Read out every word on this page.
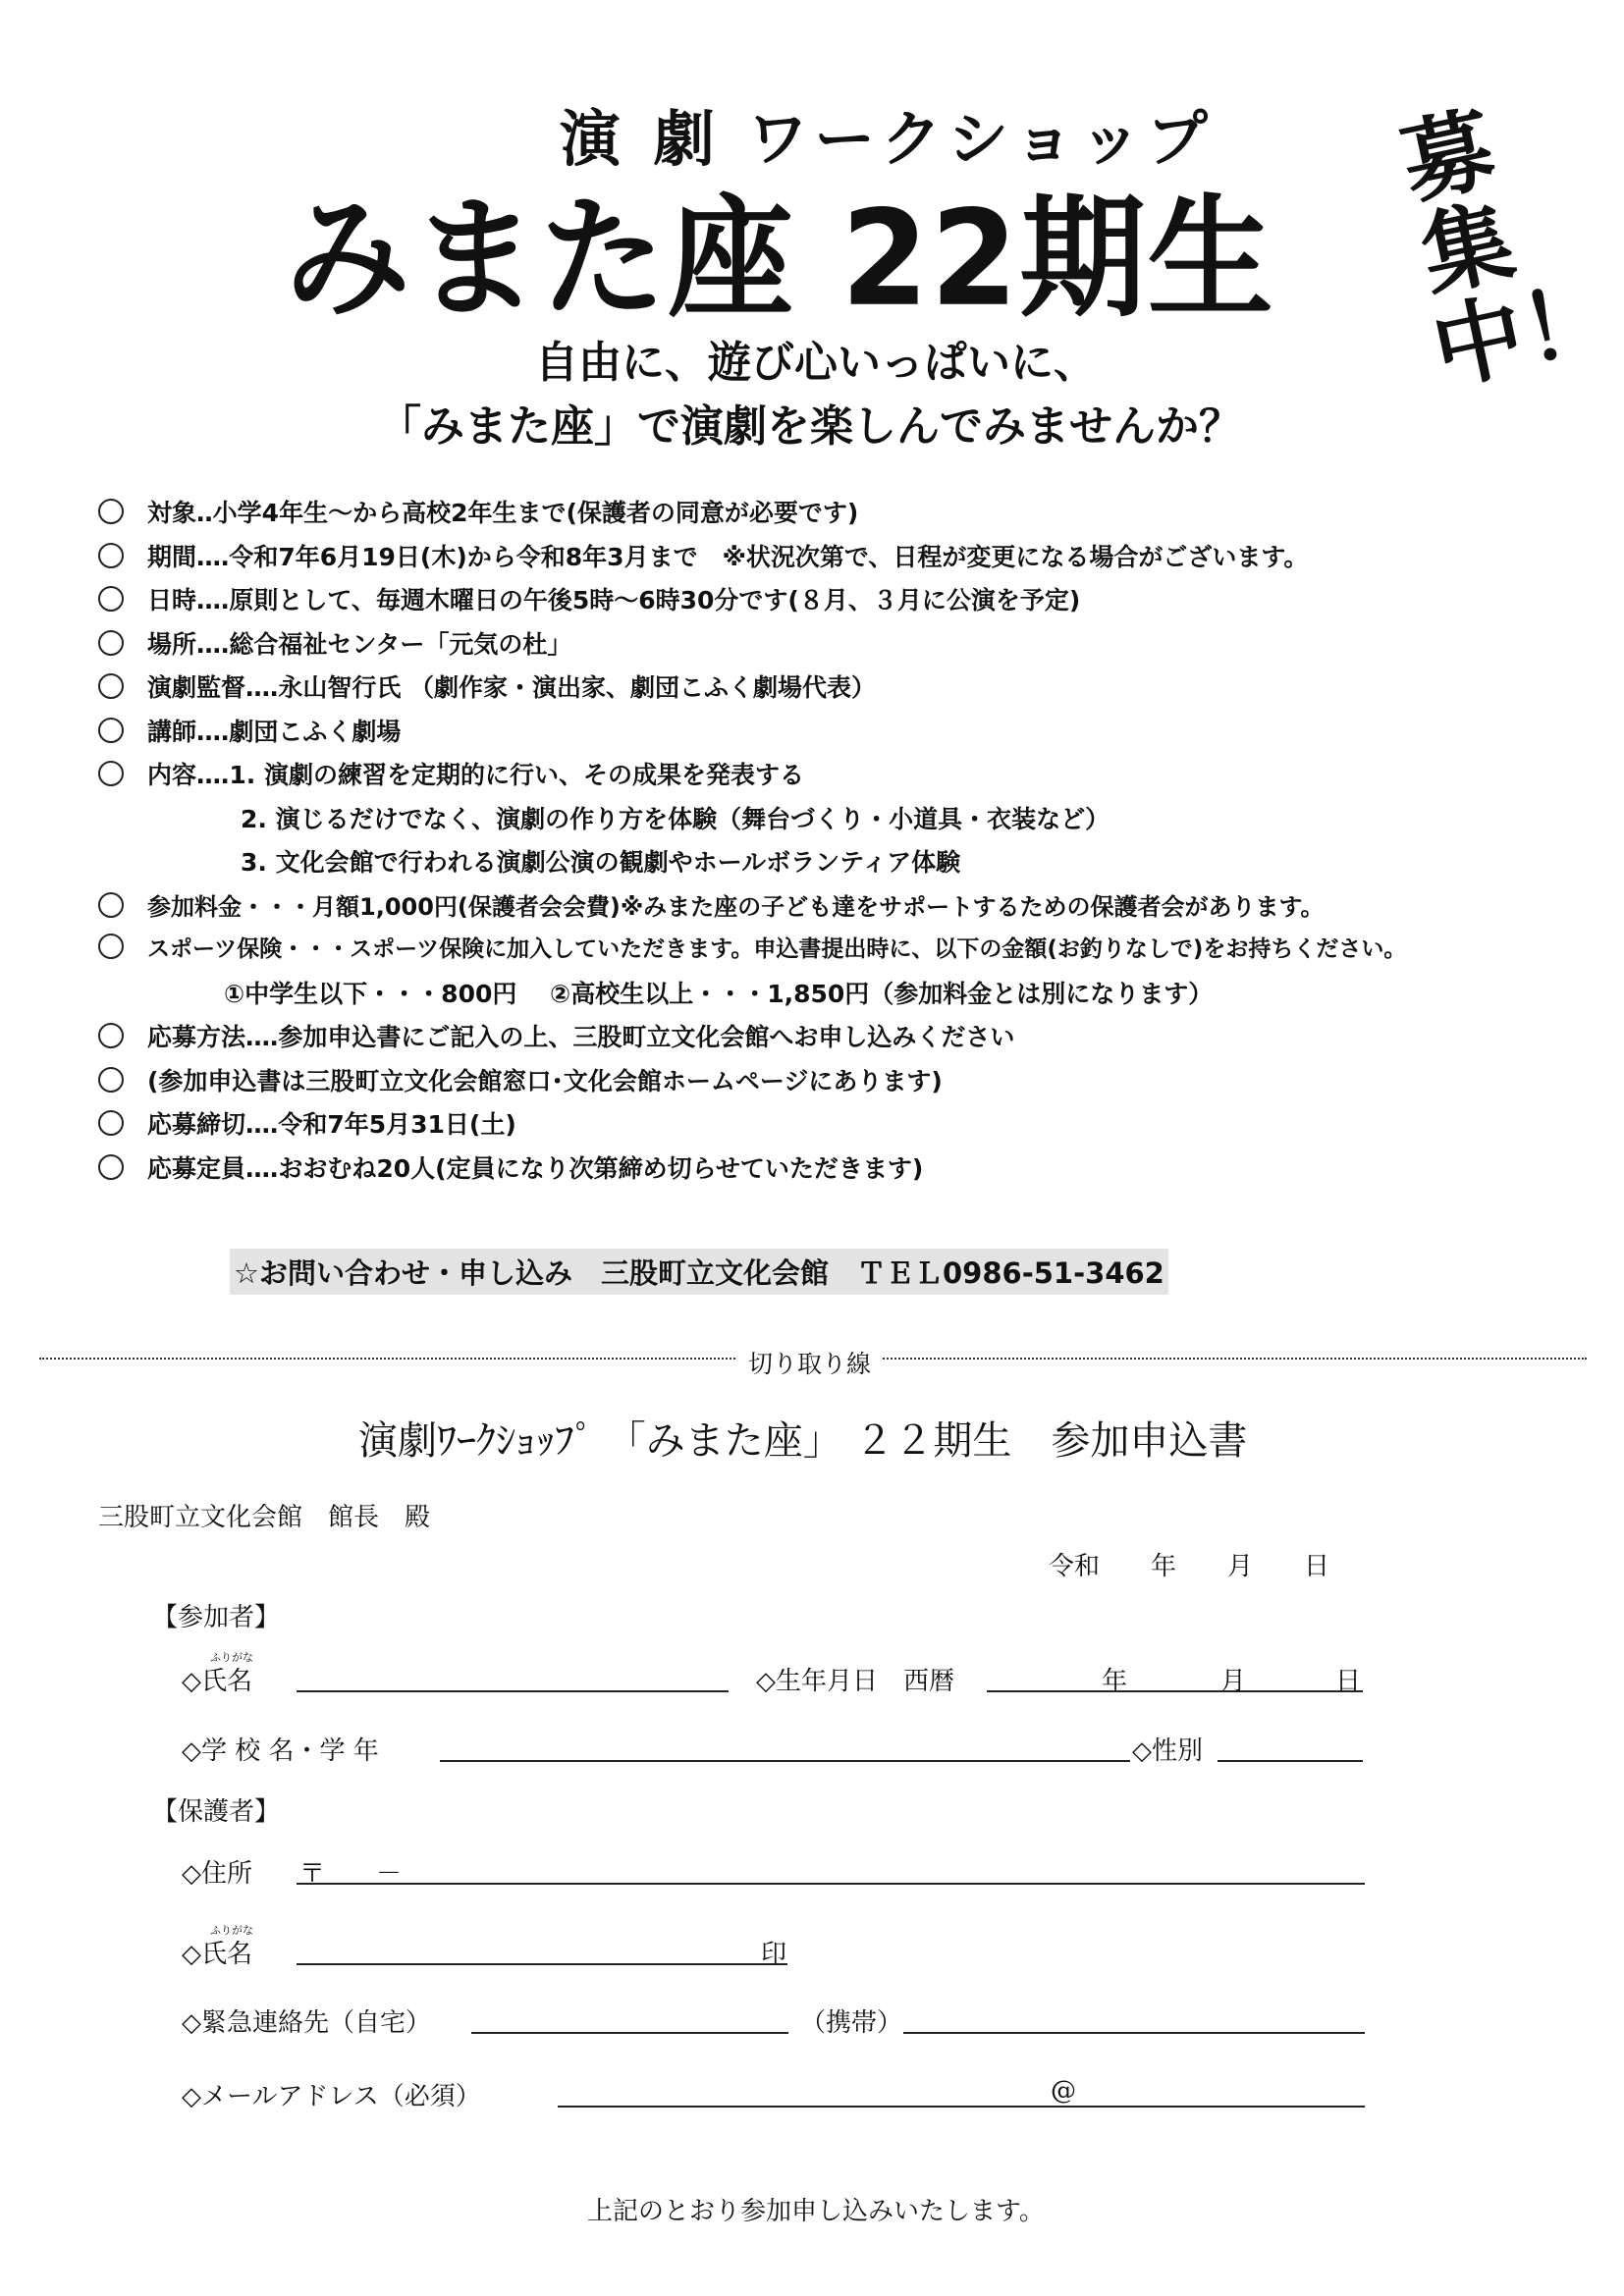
演 劇 ワークショップ
みまた座 22期生
募集中！
自由に、遊び心いっぱいに、
「みまた座」で演劇を楽しんでみませんか？
対象‥小学4年生～から高校2年生まで(保護者の同意が必要です)
期間‥‥令和7年6月19日(木)から令和8年3月まで　※状況次第で、日程が変更になる場合がございます。
日時‥‥原則として、毎週木曜日の午後5時～6時30分です(８月、３月に公演を予定)
場所‥‥総合福祉センター「元気の杜」
演劇監督‥‥永山智行氏 （劇作家・演出家、劇団こふく劇場代表）
講師‥‥劇団こふく劇場
内容‥‥1. 演劇の練習を定期的に行い、その成果を発表する
2. 演じるだけでなく、演劇の作り方を体験（舞台づくり・小道具・衣装など）
3. 文化会館で行われる演劇公演の観劇やホールボランティア体験
参加料金・・・月額1,000円(保護者会会費)※みまた座の子ども達をサポートするための保護者会があります。
スポーツ保険・・・スポーツ保険に加入していただきます。申込書提出時に、以下の金額(お釣りなしで)をお持ちください。
①中学生以下・・・800円　 ②高校生以上・・・1,850円（参加料金とは別になります）
応募方法‥‥参加申込書にご記入の上、三股町立文化会館へお申し込みください
(参加申込書は三股町立文化会館窓口･文化会館ホームページにあります)
応募締切‥‥令和7年5月31日(土)
応募定員‥‥おおむね20人(定員になり次第締め切らせていただきます)
☆お問い合わせ・申し込み　三股町立文化会館　ＴＥＬ0986-51-3462
切り取り線
演劇ﾜｰｸｼｮｯﾌﾟ 「みまた座」 ２２期生　参加申込書
三股町立文化会館　館長　殿
令和　　年　　月　　日
【参加者】
ふりがな
◇氏名	◇生年月日　西暦	年	月	日
◇学 校 名・学 年	◇性別
【保護者】
◇住所 〒　　－
ふりがな
◇氏名	印
◇緊急連絡先（自宅）	（携帯）
◇メールアドレス（必須）	@
上記のとおり参加申し込みいたします。
